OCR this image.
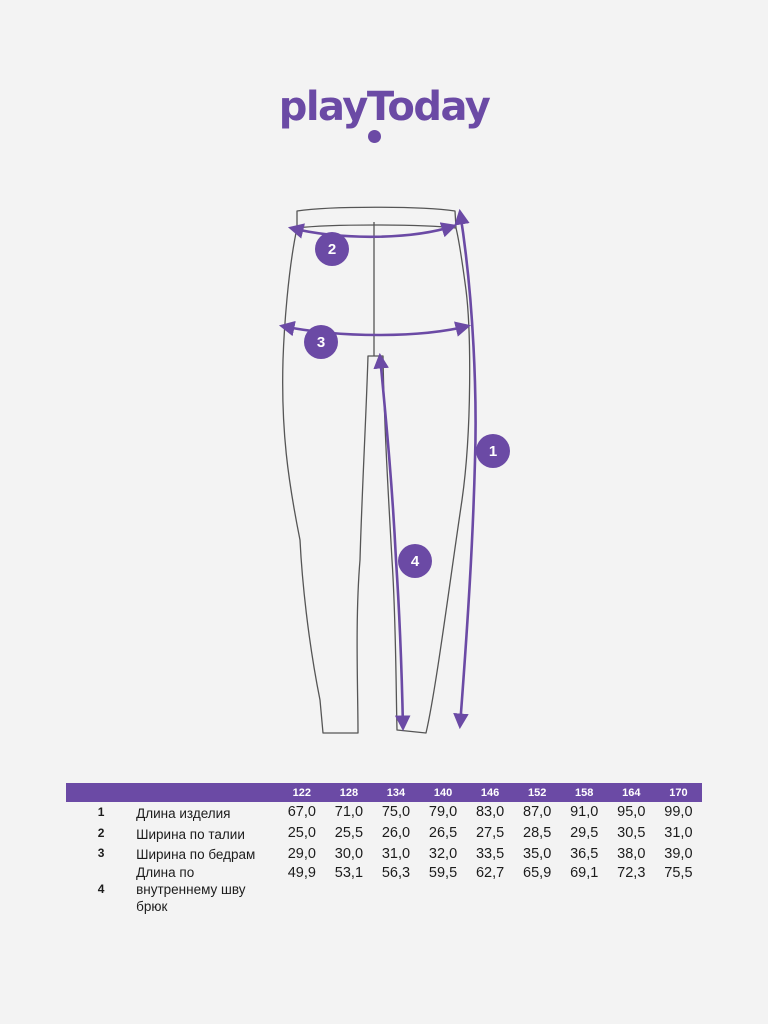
playToday
1
2
3
4
		122	128	134	140	146	152	158	164	170
1	Длина изделия	67,0	71,0	75,0	79,0	83,0	87,0	91,0	95,0	99,0
2	Ширина по талии	25,0	25,5	26,0	26,5	27,5	28,5	29,5	30,5	31,0
3	Ширина по бедрам	29,0	30,0	31,0	32,0	33,5	35,0	36,5	38,0	39,0
4	Длина по внутреннему шву брюк	49,9	53,1	56,3	59,5	62,7	65,9	69,1	72,3	75,5
